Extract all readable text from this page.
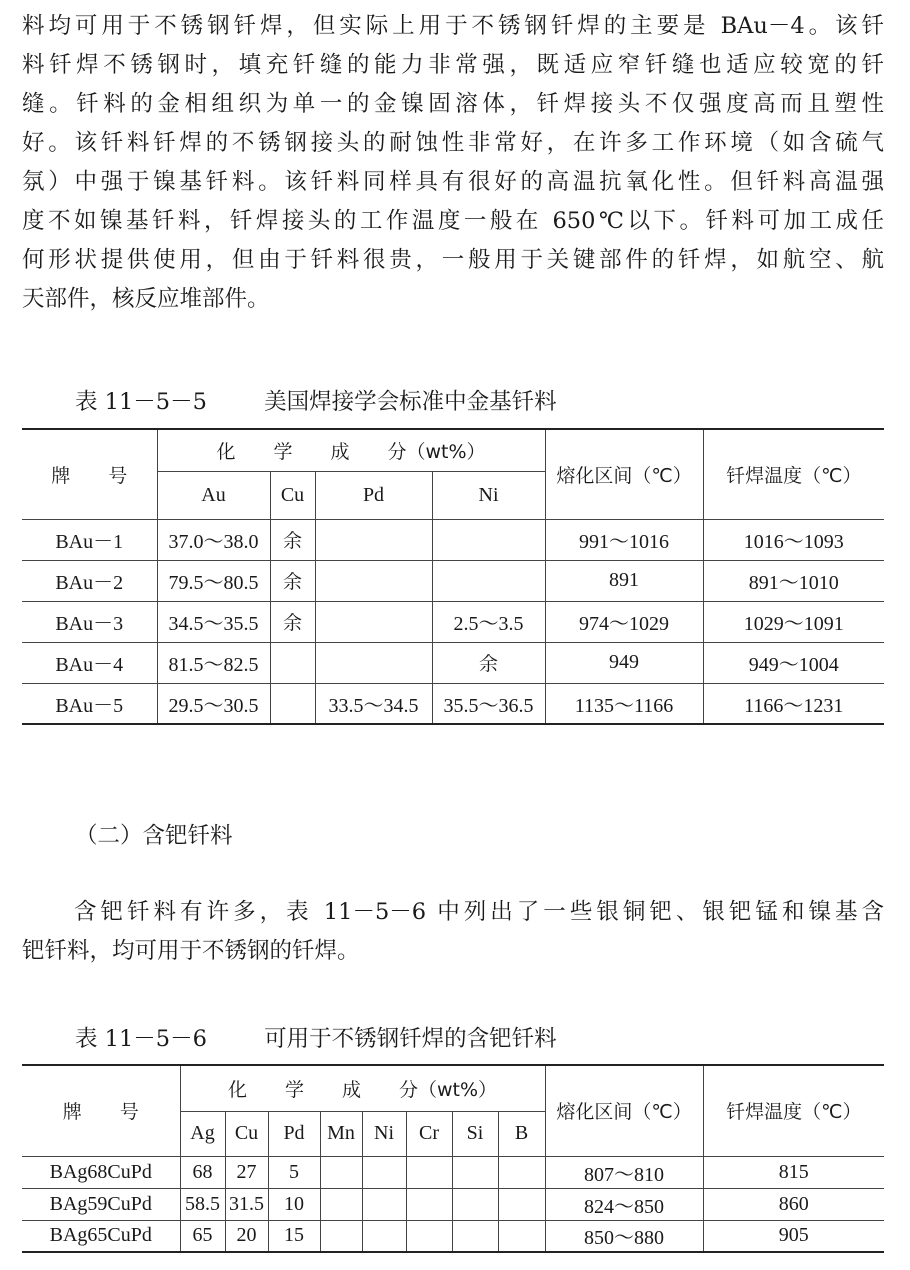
料均可用于不锈钢钎焊，但实际上用于不锈钢钎焊的主要是 BAu－4。该钎
料钎焊不锈钢时，填充钎缝的能力非常强，既适应窄钎缝也适应较宽的钎
缝。钎料的金相组织为单一的金镍固溶体，钎焊接头不仅强度高而且塑性
好。该钎料钎焊的不锈钢接头的耐蚀性非常好，在许多工作环境（如含硫气
氛）中强于镍基钎料。该钎料同样具有很好的高温抗氧化性。但钎料高温强
度不如镍基钎料，钎焊接头的工作温度一般在 650℃以下。钎料可加工成任
何形状提供使用，但由于钎料很贵，一般用于关键部件的钎焊，如航空、航
天部件，核反应堆部件。
表 11－5－5        美国焊接学会标准中金基钎料
牌　　号	化　　学　　成　　分（wt%）				熔化区间（℃）	钎焊温度（℃）
	Au	Cu	Pd	Ni		
BAu－1	37.0～38.0	余			991～1016	1016～1093
BAu－2	79.5～80.5	余			891	891～1010
BAu－3	34.5～35.5	余		2.5～3.5	974～1029	1029～1091
BAu－4	81.5～82.5			余	949	949～1004
BAu－5	29.5～30.5		33.5～34.5	35.5～36.5	1135～1166	1166～1231
（二）含钯钎料
含钯钎料有许多，表 11－5－6 中列出了一些银铜钯、银钯锰和镍基含
钯钎料，均可用于不锈钢的钎焊。
表 11－5－6        可用于不锈钢钎焊的含钯钎料
牌　　号	化　　学　　成　　分（wt%）								熔化区间（℃）	钎焊温度（℃）
	Ag	Cu	Pd	Mn	Ni	Cr	Si	B		
BAg68CuPd	68	27	5						807～810	815
BAg59CuPd	58.5	31.5	10						824～850	860
BAg65CuPd	65	20	15						850～880	905
